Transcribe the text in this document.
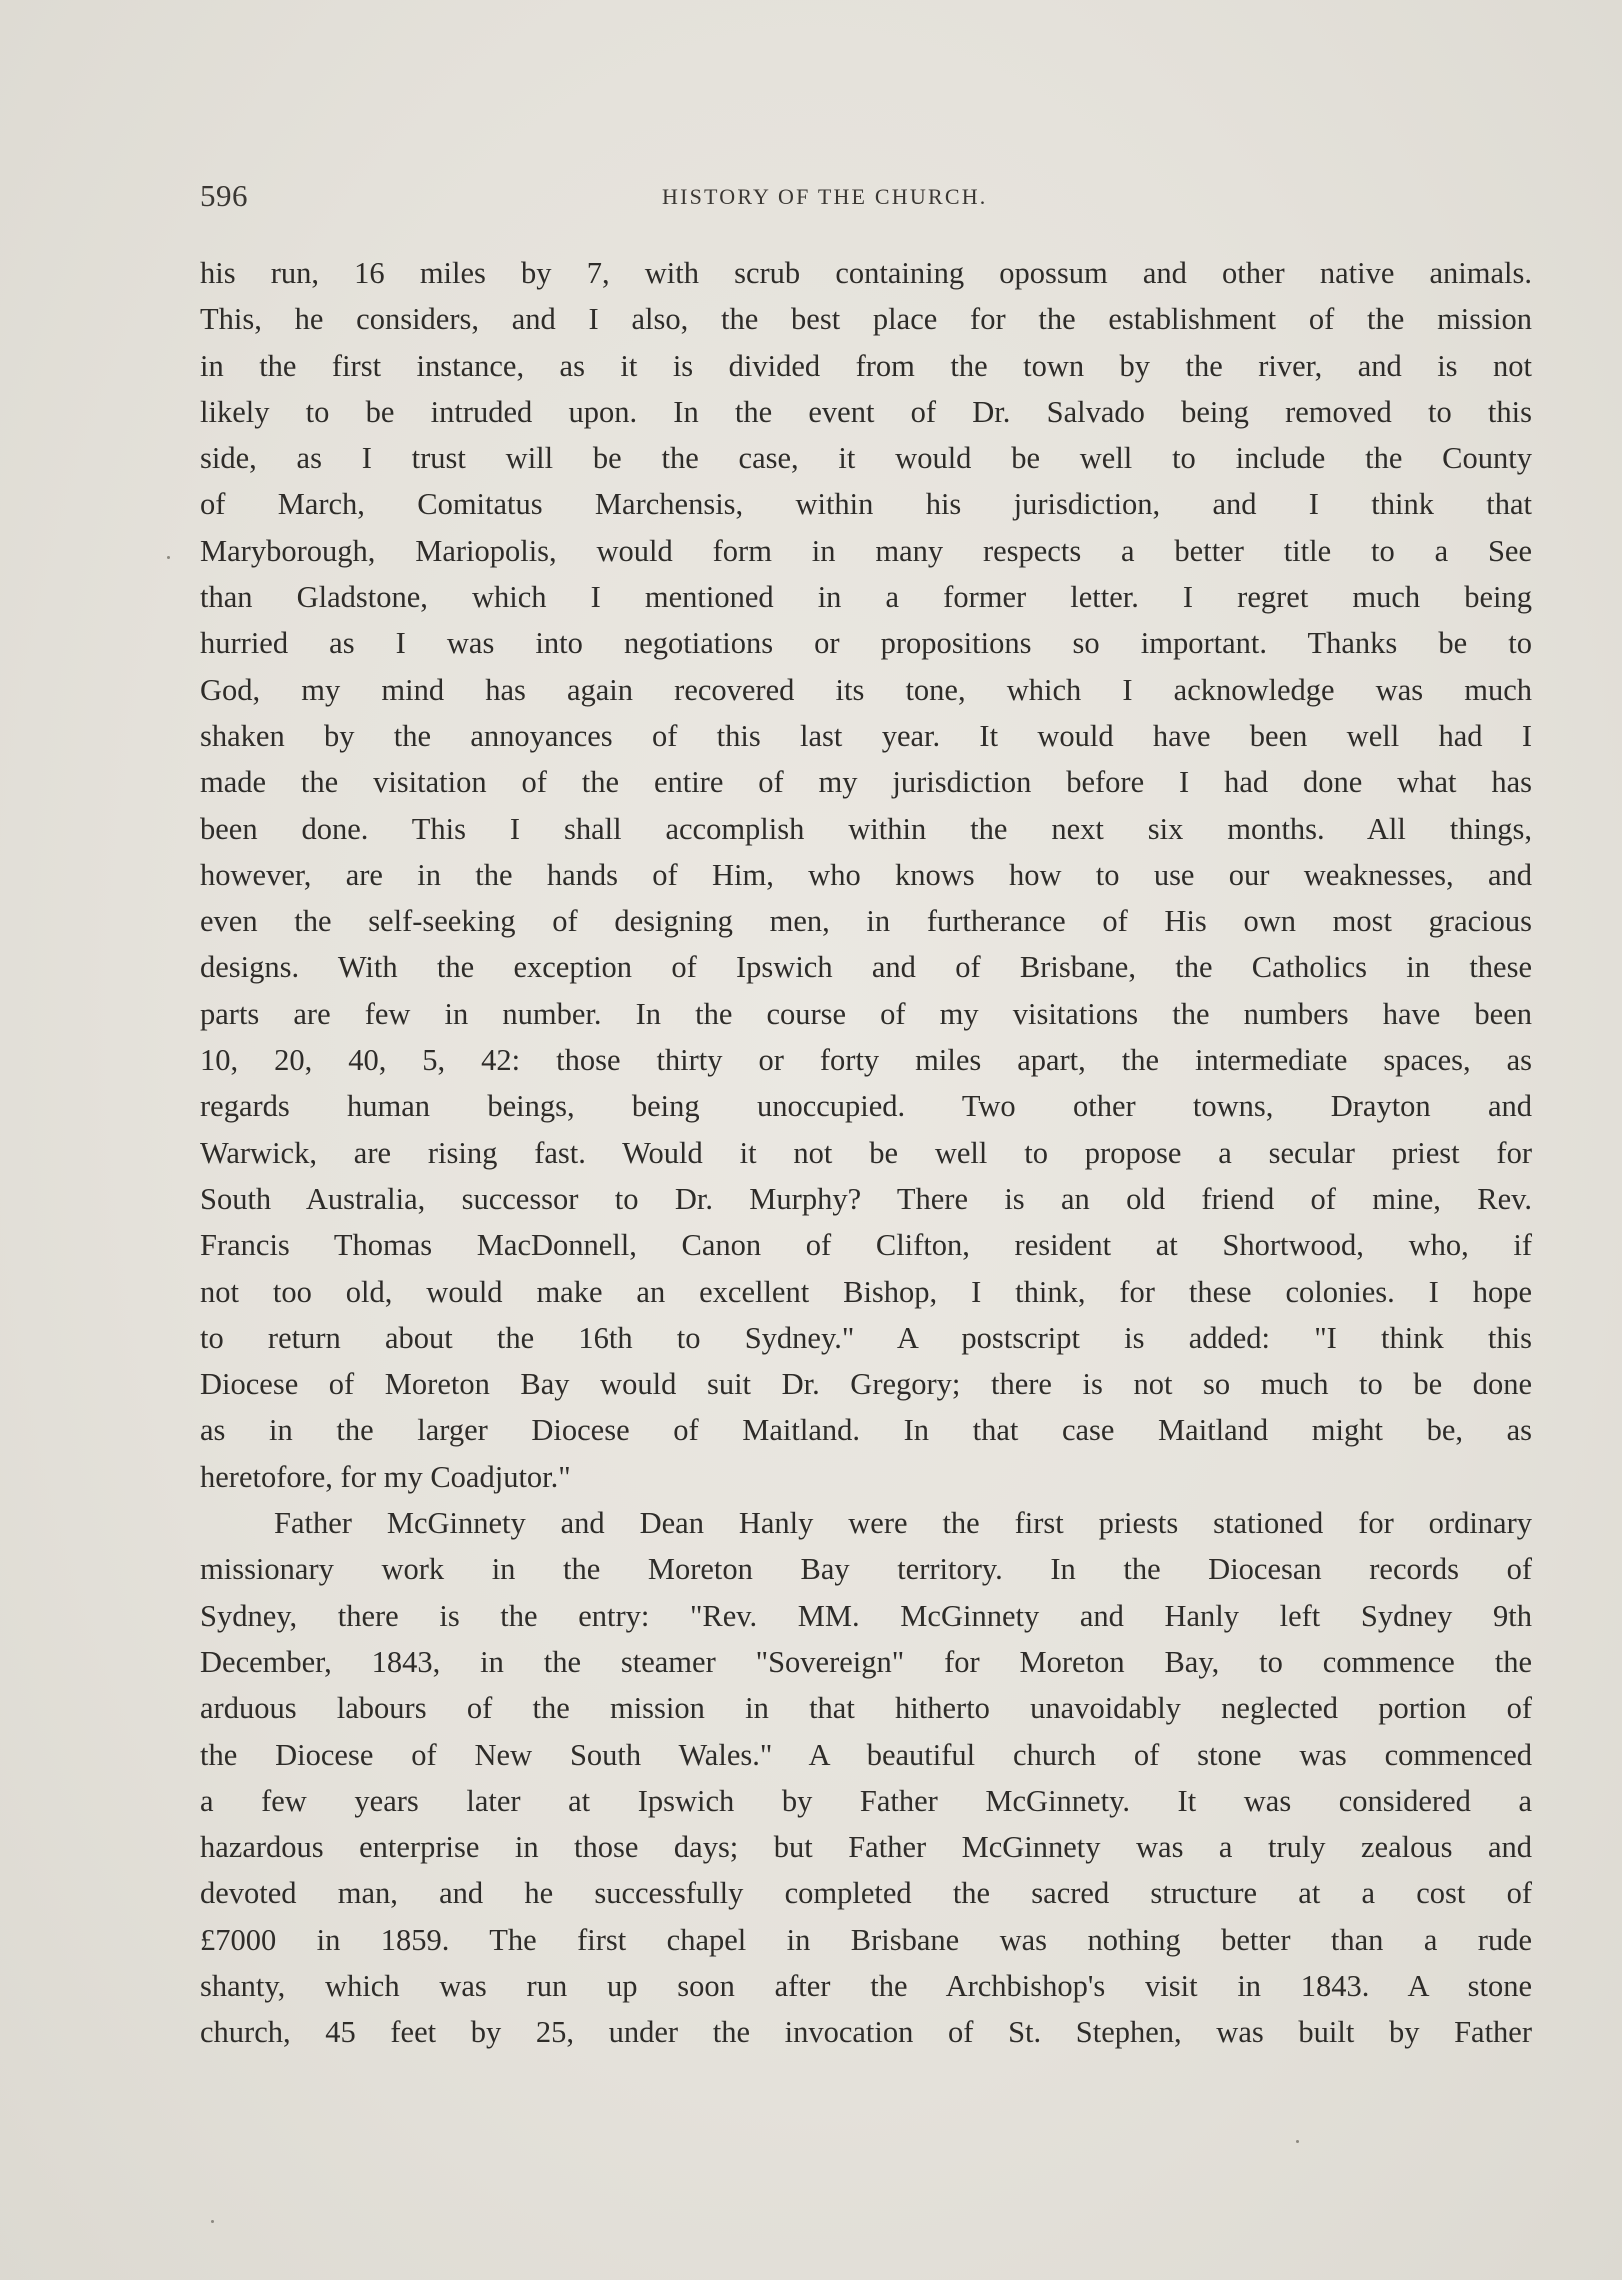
596	HISTORY OF THE CHURCH.
his run, 16 miles by 7, with scrub containing opossum and other native animals.
This, he considers, and I also, the best place for the establishment of the mission
in the first instance, as it is divided from the town by the river, and is not
likely to be intruded upon. In the event of Dr. Salvado being removed to this
side, as I trust will be the case, it would be well to include the County
of March, Comitatus Marchensis, within his jurisdiction, and I think that
Maryborough, Mariopolis, would form in many respects a better title to a See
than Gladstone, which I mentioned in a former letter. I regret much being
hurried as I was into negotiations or propositions so important. Thanks be to
God, my mind has again recovered its tone, which I acknowledge was much
shaken by the annoyances of this last year. It would have been well had I
made the visitation of the entire of my jurisdiction before I had done what has
been done. This I shall accomplish within the next six months. All things,
however, are in the hands of Him, who knows how to use our weaknesses, and
even the self-seeking of designing men, in furtherance of His own most gracious
designs. With the exception of Ipswich and of Brisbane, the Catholics in these
parts are few in number. In the course of my visitations the numbers have been
10, 20, 40, 5, 42: those thirty or forty miles apart, the intermediate spaces, as
regards human beings, being unoccupied. Two other towns, Drayton and
Warwick, are rising fast. Would it not be well to propose a secular priest for
South Australia, successor to Dr. Murphy? There is an old friend of mine, Rev.
Francis Thomas MacDonnell, Canon of Clifton, resident at Shortwood, who, if
not too old, would make an excellent Bishop, I think, for these colonies. I hope
to return about the 16th to Sydney." A postscript is added: "I think this
Diocese of Moreton Bay would suit Dr. Gregory; there is not so much to be done
as in the larger Diocese of Maitland. In that case Maitland might be, as
heretofore, for my Coadjutor."
Father McGinnety and Dean Hanly were the first priests stationed for ordinary
missionary work in the Moreton Bay territory. In the Diocesan records of
Sydney, there is the entry: "Rev. MM. McGinnety and Hanly left Sydney 9th
December, 1843, in the steamer "Sovereign" for Moreton Bay, to commence the
arduous labours of the mission in that hitherto unavoidably neglected portion of
the Diocese of New South Wales." A beautiful church of stone was commenced
a few years later at Ipswich by Father McGinnety. It was considered a
hazardous enterprise in those days; but Father McGinnety was a truly zealous and
devoted man, and he successfully completed the sacred structure at a cost of
£7000 in 1859. The first chapel in Brisbane was nothing better than a rude
shanty, which was run up soon after the Archbishop's visit in 1843. A stone
church, 45 feet by 25, under the invocation of St. Stephen, was built by Father
